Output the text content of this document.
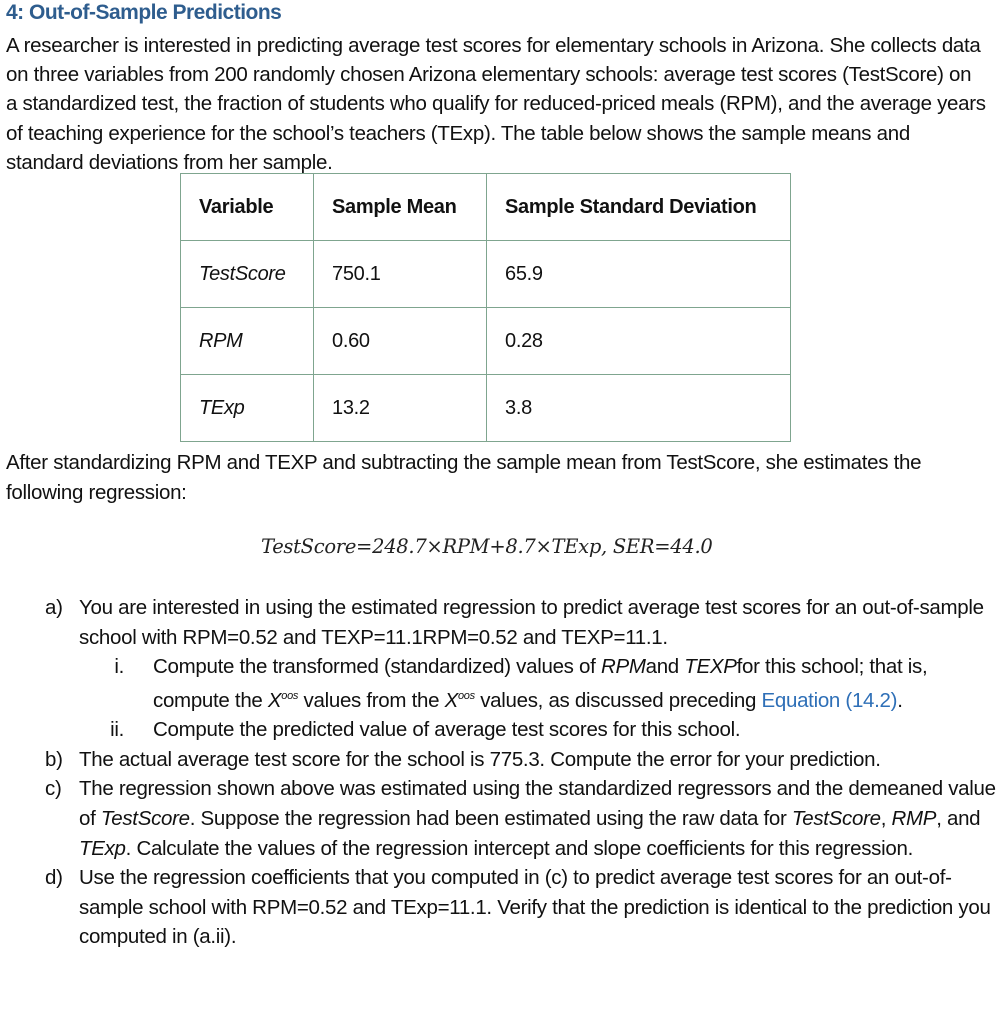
4: Out-of-Sample Predictions
A researcher is interested in predicting average test scores for elementary schools in Arizona. She collects data on three variables from 200 randomly chosen Arizona elementary schools: average test scores (TestScore) on a standardized test, the fraction of students who qualify for reduced-priced meals (RPM), and the average years of teaching experience for the school’s teachers (TExp). The table below shows the sample means and standard deviations from her sample.
Variable	Sample Mean	Sample Standard Deviation
TestScore	750.1	65.9
RPM	0.60	0.28
TExp	13.2	3.8
After standardizing RPM and TEXP and subtracting the sample mean from TestScore, she estimates the following regression:
TestScore=248.7×RPM+8.7×TExp, SER=44.0
a) You are interested in using the estimated regression to predict average test scores for an out-of-sample school with RPM=0.52 and TEXP=11.1RPM=0.52 and TEXP=11.1.
i. Compute the transformed (standardized) values of RPMand TEXPfor this school; that is, compute the $X^{oos}$ values from the $X^{oos}$ values, as discussed preceding Equation (14.2).
ii. Compute the predicted value of average test scores for this school.
b) The actual average test score for the school is 775.3. Compute the error for your prediction.
c) The regression shown above was estimated using the standardized regressors and the demeaned value of TestScore. Suppose the regression had been estimated using the raw data for TestScore, RMP, and TExp. Calculate the values of the regression intercept and slope coefficients for this regression.
d) Use the regression coefficients that you computed in (c) to predict average test scores for an out-of-sample school with RPM=0.52 and TExp=11.1. Verify that the prediction is identical to the prediction you computed in (a.ii).
